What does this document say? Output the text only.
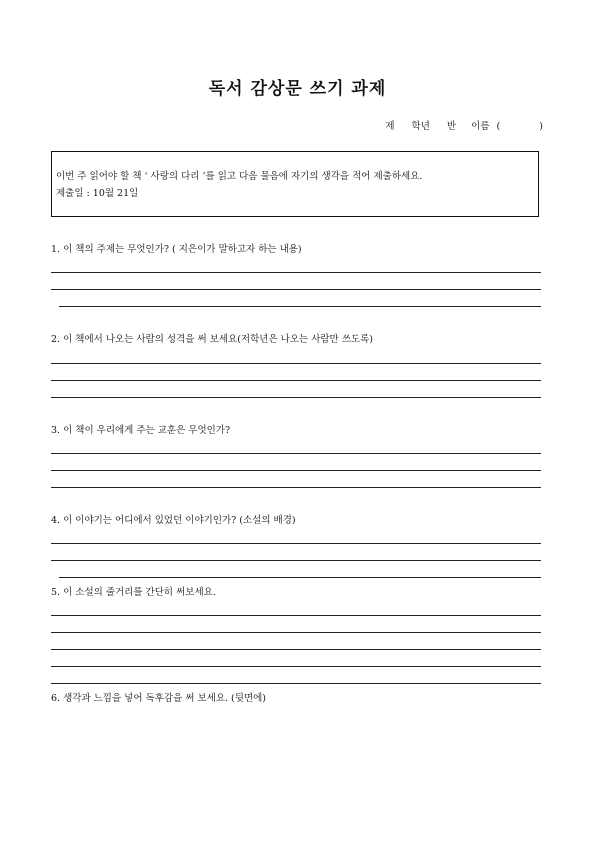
독서 감상문 쓰기 과제
제 학년 반 이름 (	)
이번 주 읽어야 할 책 ‘ 사랑의 다리 ’를 읽고 다음 물음에 자기의 생각을 적어 제출하세요.
제출일 : 10월 21일
1. 이 책의 주제는 무엇인가? ( 지은이가 말하고자 하는 내용)
2. 이 책에서 나오는 사람의 성격을 써 보세요(저학년은 나오는 사람만 쓰도록)
3. 이 책이 우리에게 주는 교훈은 무엇인가?
4. 이 이야기는 어디에서 있었던 이야기인가? (소설의 배경)
5. 이 소설의 줄거리를 간단히 써보세요.
6. 생각과 느낌을 넣어 독후감을 써 보세요. (뒷면에)
